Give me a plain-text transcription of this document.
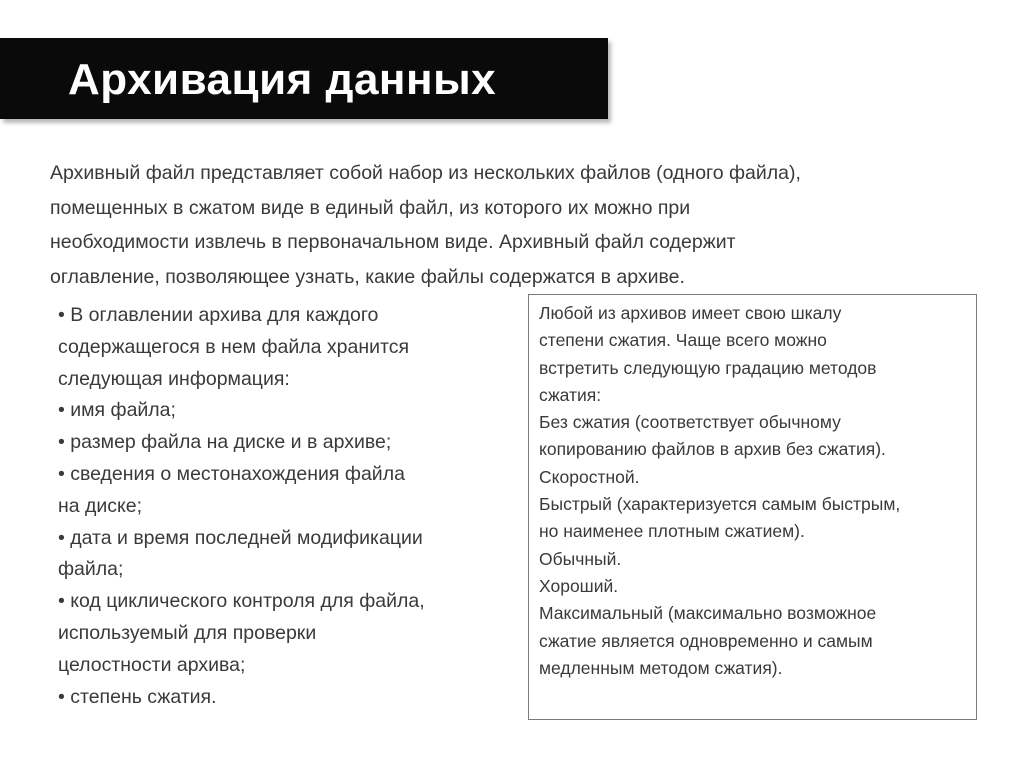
Архивация данных
Архивный файл представляет собой набор из нескольких файлов (одного файла),
помещенных в сжатом виде в единый файл, из которого их можно при
необходимости извлечь в первоначальном виде. Архивный файл содержит
оглавление, позволяющее узнать, какие файлы содержатся в архиве.
• В оглавлении архива для каждого
содержащегося в нем файла хранится
следующая информация:
• имя файла;
• размер файла на диске и в архиве;
• сведения о местонахождения файла
на диске;
• дата и время последней модификации
файла;
• код циклического контроля для файла,
используемый для проверки
целостности архива;
• степень сжатия.
Любой из архивов имеет свою шкалу
степени сжатия. Чаще всего можно
встретить следующую градацию методов
сжатия:
Без сжатия (соответствует обычному
копированию файлов в архив без сжатия).
Скоростной.
Быстрый (характеризуется самым быстрым,
но наименее плотным сжатием).
Обычный.
Хороший.
Максимальный (максимально возможное
сжатие является одновременно и самым
медленным методом сжатия).
